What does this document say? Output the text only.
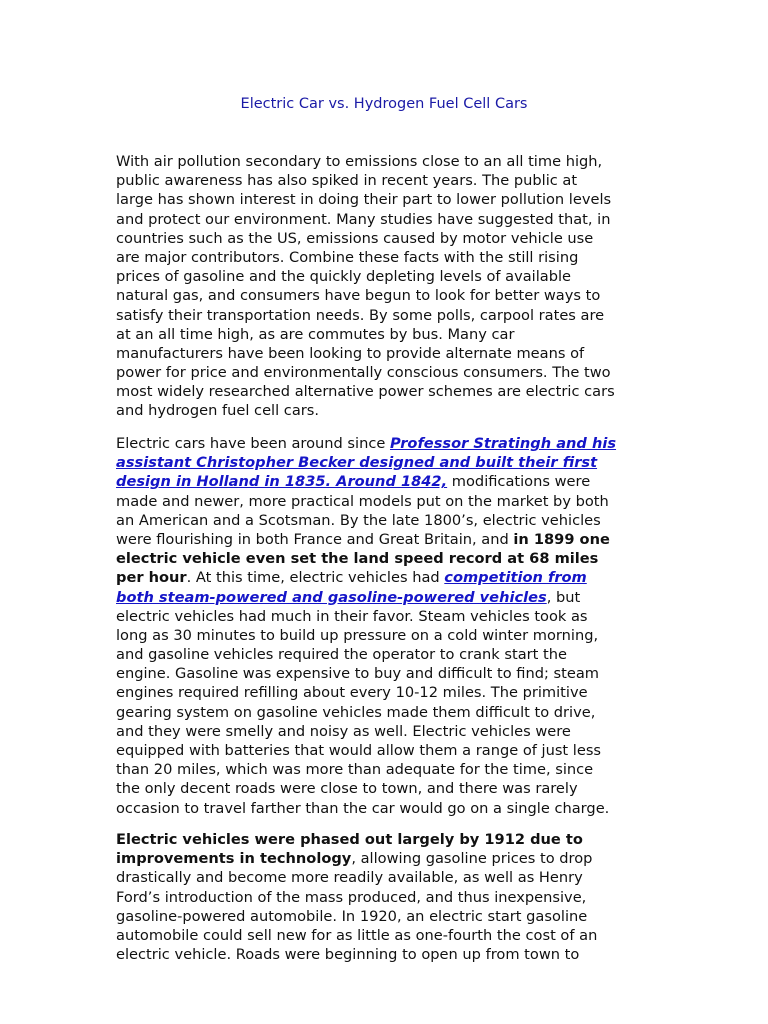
Electric Car vs. Hydrogen Fuel Cell Cars
With air pollution secondary to emissions close to an all time high,
public awareness has also spiked in recent years. The public at
large has shown interest in doing their part to lower pollution levels
and protect our environment. Many studies have suggested that, in
countries such as the US, emissions caused by motor vehicle use
are major contributors. Combine these facts with the still rising
prices of gasoline and the quickly depleting levels of available
natural gas, and consumers have begun to look for better ways to
satisfy their transportation needs. By some polls, carpool rates are
at an all time high, as are commutes by bus. Many car
manufacturers have been looking to provide alternate means of
power for price and environmentally conscious consumers. The two
most widely researched alternative power schemes are electric cars
and hydrogen fuel cell cars.
Electric cars have been around since Professor Stratingh and his
assistant Christopher Becker designed and built their first
design in Holland in 1835. Around 1842, modifications were
made and newer, more practical models put on the market by both
an American and a Scotsman. By the late 1800’s, electric vehicles
were flourishing in both France and Great Britain, and in 1899 one
electric vehicle even set the land speed record at 68 miles
per hour. At this time, electric vehicles had competition from
both steam-powered and gasoline-powered vehicles, but
electric vehicles had much in their favor. Steam vehicles took as
long as 30 minutes to build up pressure on a cold winter morning,
and gasoline vehicles required the operator to crank start the
engine. Gasoline was expensive to buy and difficult to find; steam
engines required refilling about every 10-12 miles. The primitive
gearing system on gasoline vehicles made them difficult to drive,
and they were smelly and noisy as well. Electric vehicles were
equipped with batteries that would allow them a range of just less
than 20 miles, which was more than adequate for the time, since
the only decent roads were close to town, and there was rarely
occasion to travel farther than the car would go on a single charge.
Electric vehicles were phased out largely by 1912 due to
improvements in technology, allowing gasoline prices to drop
drastically and become more readily available, as well as Henry
Ford’s introduction of the mass produced, and thus inexpensive,
gasoline-powered automobile. In 1920, an electric start gasoline
automobile could sell new for as little as one-fourth the cost of an
electric vehicle. Roads were beginning to open up from town to
